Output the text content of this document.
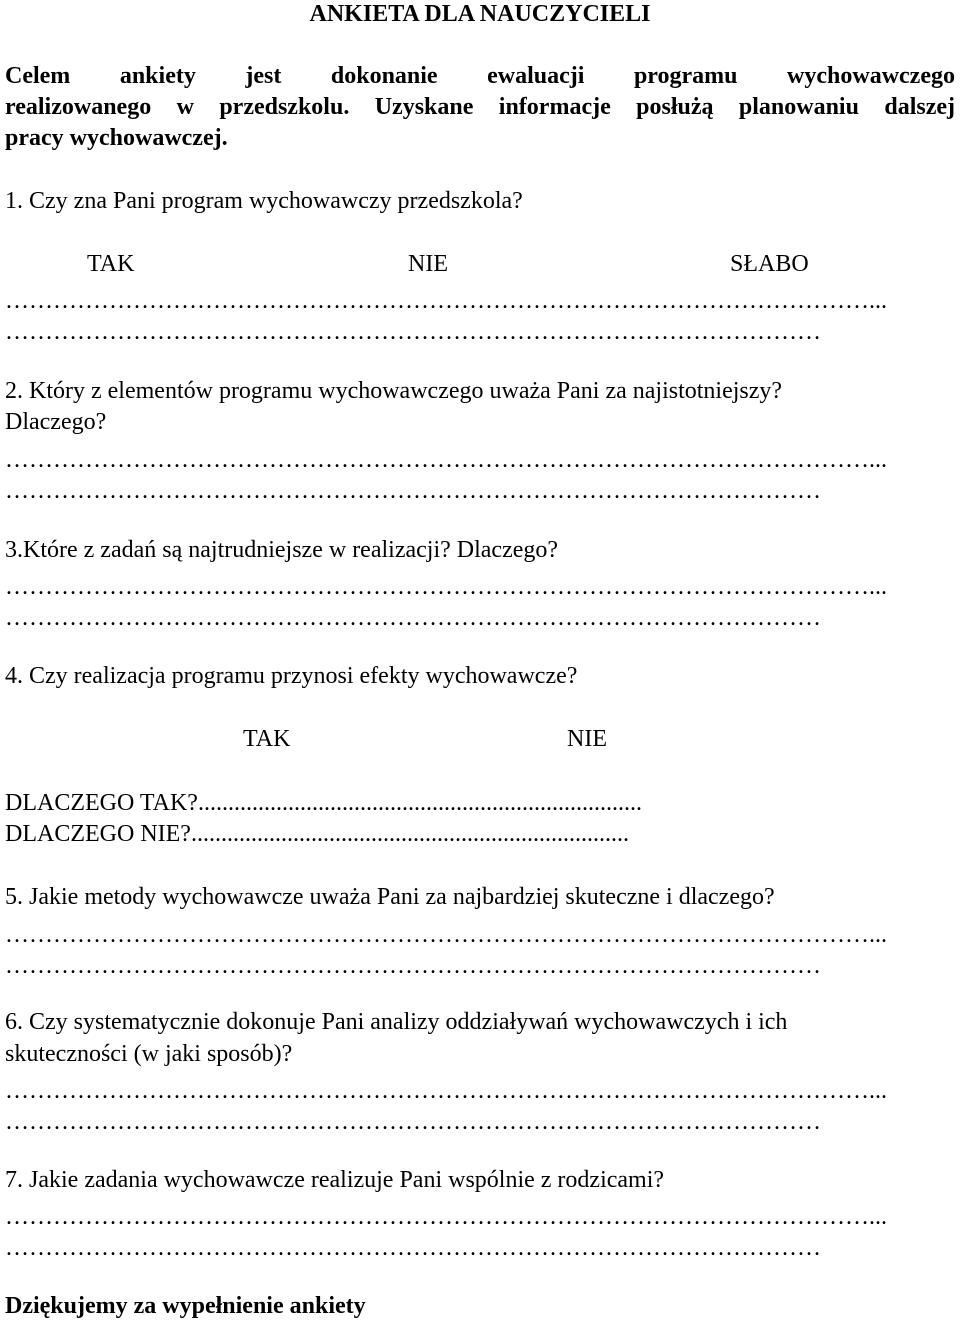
ANKIETA DLA NAUCZYCIELI
Celem ankiety jest dokonanie ewaluacji programu wychowawczego
realizowanego w przedszkolu. Uzyskane informacje posłużą planowaniu dalszej
pracy wychowawczej.
1. Czy zna Pani program wychowawczy przedszkola?
TAK	NIE	SŁABO
………………………………………………………………………………………………...
…………………………………………………………………………………………
2. Który z elementów programu wychowawczego uważa Pani za najistotniejszy?
Dlaczego?
………………………………………………………………………………………………...
…………………………………………………………………………………………
3.Które z zadań są najtrudniejsze w realizacji? Dlaczego?
………………………………………………………………………………………………...
…………………………………………………………………………………………
4. Czy realizacja programu przynosi efekty wychowawcze?
TAK	NIE
DLACZEGO TAK?..........................................................................
DLACZEGO NIE?.........................................................................
5. Jakie metody wychowawcze uważa Pani za najbardziej skuteczne i dlaczego?
………………………………………………………………………………………………...
…………………………………………………………………………………………
6. Czy systematycznie dokonuje Pani analizy oddziaływań wychowawczych i ich
skuteczności (w jaki sposób)?
………………………………………………………………………………………………...
…………………………………………………………………………………………
7. Jakie zadania wychowawcze realizuje Pani wspólnie z rodzicami?
………………………………………………………………………………………………...
…………………………………………………………………………………………
Dziękujemy za wypełnienie ankiety
